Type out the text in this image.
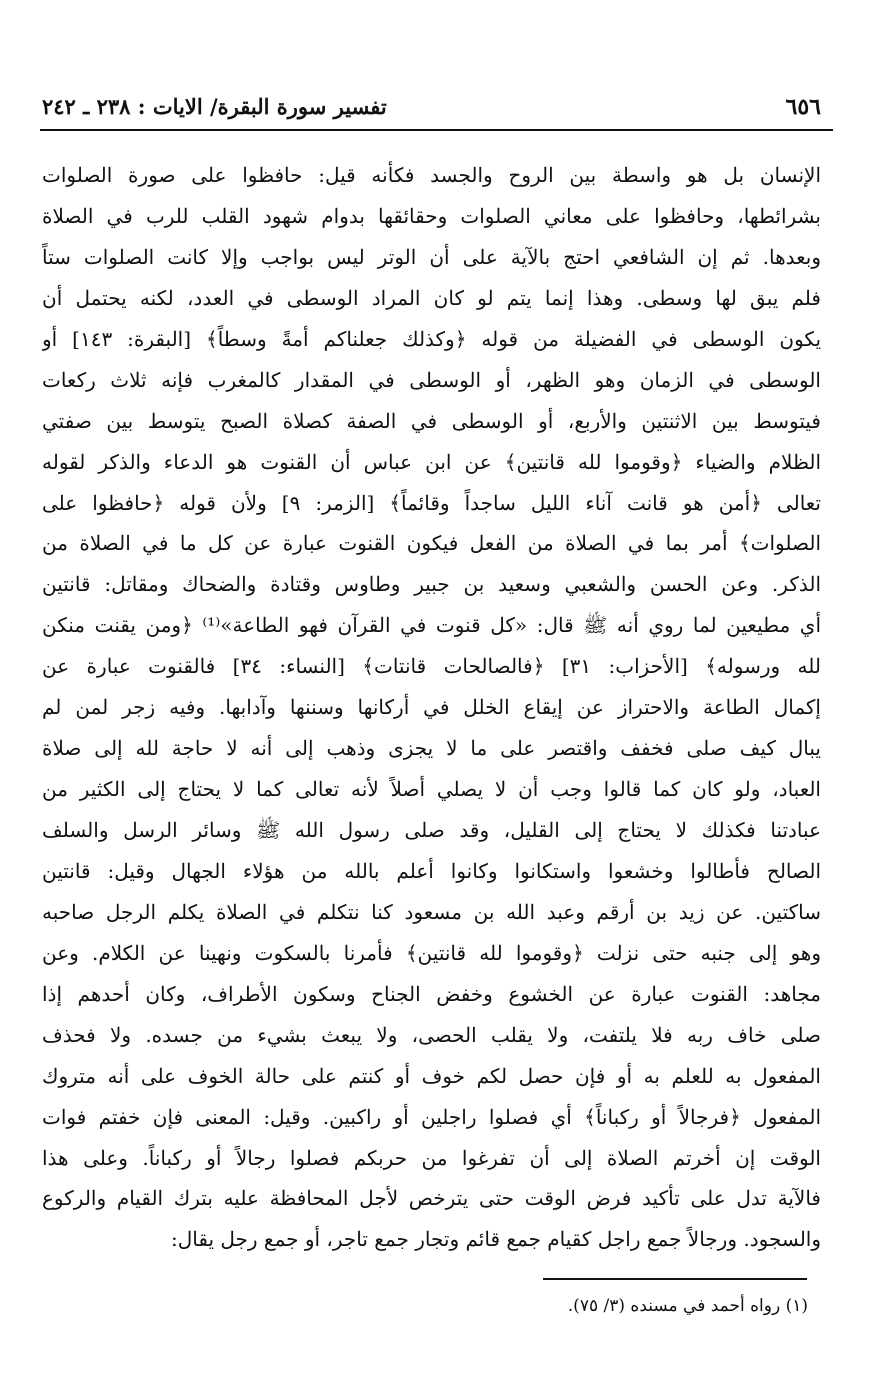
٦٥٦
تفسير سورة البقرة/ الايات : ٢٣٨ ـ ٢٤٢
الإنسان بل هو واسطة بين الروح والجسد فكأنه قيل: حافظوا على صورة الصلوات
بشرائطها، وحافظوا على معاني الصلوات وحقائقها بدوام شهود القلب للرب في الصلاة
وبعدها. ثم إن الشافعي احتج بالآية على أن الوتر ليس بواجب وإلا كانت الصلوات ستاً
فلم يبق لها وسطى. وهذا إنما يتم لو كان المراد الوسطى في العدد، لكنه يحتمل أن
يكون الوسطى في الفضيلة من قوله ﴿وكذلك جعلناكم أمةً وسطاً﴾ [البقرة: ١٤٣] أو
الوسطى في الزمان وهو الظهر، أو الوسطى في المقدار كالمغرب فإنه ثلاث ركعات
فيتوسط بين الاثنتين والأربع، أو الوسطى في الصفة كصلاة الصبح يتوسط بين صفتي
الظلام والضياء ﴿وقوموا لله قانتين﴾ عن ابن عباس أن القنوت هو الدعاء والذكر لقوله
تعالى ﴿أمن هو قانت آناء الليل ساجداً وقائماً﴾ [الزمر: ٩] ولأن قوله ﴿حافظوا على
الصلوات﴾ أمر بما في الصلاة من الفعل فيكون القنوت عبارة عن كل ما في الصلاة من
الذكر. وعن الحسن والشعبي وسعيد بن جبير وطاوس وقتادة والضحاك ومقاتل: قانتين
أي مطيعين لما روي أنه ﷺ قال: «كل قنوت في القرآن فهو الطاعة»⁽¹⁾ ﴿ومن يقنت منكن
لله ورسوله﴾ [الأحزاب: ٣١] ﴿فالصالحات قانتات﴾ [النساء: ٣٤] فالقنوت عبارة عن
إكمال الطاعة والاحتراز عن إيقاع الخلل في أركانها وسننها وآدابها. وفيه زجر لمن لم
يبال كيف صلى فخفف واقتصر على ما لا يجزى وذهب إلى أنه لا حاجة لله إلى صلاة
العباد، ولو كان كما قالوا وجب أن لا يصلي أصلاً لأنه تعالى كما لا يحتاج إلى الكثير من
عبادتنا فكذلك لا يحتاج إلى القليل، وقد صلى رسول الله ﷺ وسائر الرسل والسلف
الصالح فأطالوا وخشعوا واستكانوا وكانوا أعلم بالله من هؤلاء الجهال وقيل: قانتين
ساكتين. عن زيد بن أرقم وعبد الله بن مسعود كنا نتكلم في الصلاة يكلم الرجل صاحبه
وهو إلى جنبه حتى نزلت ﴿وقوموا لله قانتين﴾ فأمرنا بالسكوت ونهينا عن الكلام. وعن
مجاهد: القنوت عبارة عن الخشوع وخفض الجناح وسكون الأطراف، وكان أحدهم إذا
صلى خاف ربه فلا يلتفت، ولا يقلب الحصى، ولا يبعث بشيء من جسده. ولا فحذف
المفعول به للعلم به أو فإن حصل لكم خوف أو كنتم على حالة الخوف على أنه متروك
المفعول ﴿فرجالاً أو ركباناً﴾ أي فصلوا راجلين أو راكبين. وقيل: المعنى فإن خفتم فوات
الوقت إن أخرتم الصلاة إلى أن تفرغوا من حربكم فصلوا رجالاً أو ركباناً. وعلى هذا
فالآية تدل على تأكيد فرض الوقت حتى يترخص لأجل المحافظة عليه بترك القيام والركوع
والسجود. ورجالاً جمع راجل كقيام جمع قائم وتجار جمع تاجر، أو جمع رجل يقال:
(١) رواه أحمد في مسنده (٣/ ٧٥).
